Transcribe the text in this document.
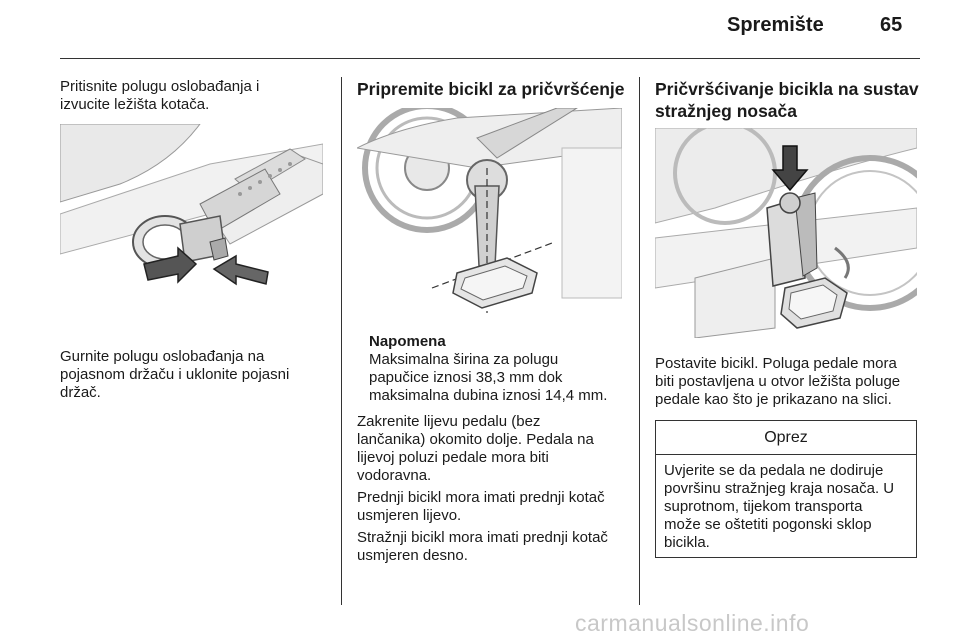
Spremište	65
Pritisnite polugu oslobađanja i
izvucite ležišta kotača.
Gurnite polugu oslobađanja na
pojasnom držaču i uklonite pojasni
držač.
Pripremite bicikl za pričvršćenje
Napomena
Maksimalna širina za polugu
papučice iznosi 38,3 mm dok
maksimalna dubina iznosi 14,4 mm.
Zakrenite lijevu pedalu (bez
lančanika) okomito dolje. Pedala na
lijevoj poluzi pedale mora biti
vodoravna.
Prednji bicikl mora imati prednji kotač
usmjeren lijevo.
Stražnji bicikl mora imati prednji kotač
usmjeren desno.
Pričvršćivanje bicikla na sustav
stražnjeg nosača
Postavite bicikl. Poluga pedale mora
biti postavljena u otvor ležišta poluge
pedale kao što je prikazano na slici.
Oprez
Uvjerite se da pedala ne dodiruje
površinu stražnjeg kraja nosača. U
suprotnom, tijekom transporta
može se oštetiti pogonski sklop
bicikla.
carmanualsonline.info
